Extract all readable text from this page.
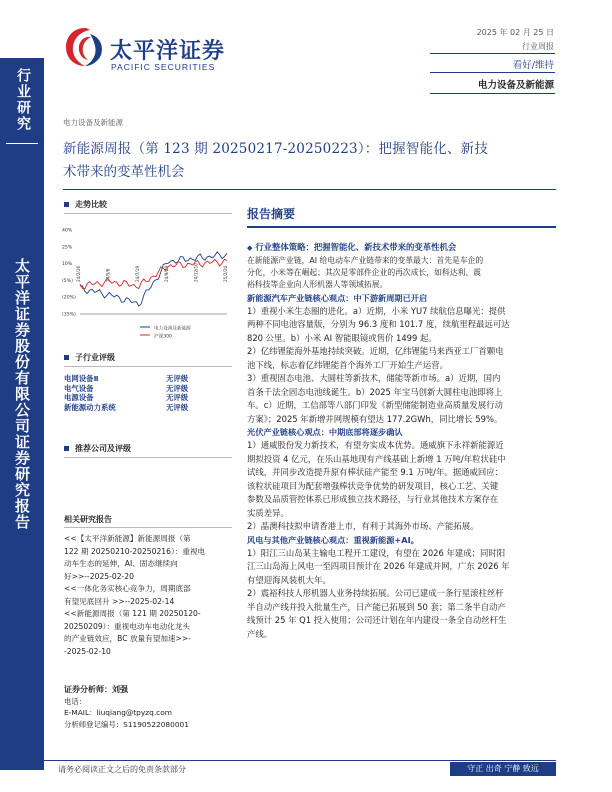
太平洋证券
PACIFIC SECURITIES
2025 年 02 月 25 日
行业周报
看好/维持
电力设备及新能源
行业研究
太平洋证券股份有限公司证券研究报告
电力设备及新能源
新能源周报（第 123 期 20250217-20250223）：把握智能化、新技
术带来的变革性机会
走势比较
40%
25%
10%
(5%)
(20%)
(35%)
24/2/26	24/5/8	24/7/19	24/9/29	24/12/10	25/2/20
电力设备及新能源
沪深300
子行业评级
电网设备Ⅱ	无评级
电气设备	无评级
电源设备	无评级
新能源动力系统	无评级
推荐公司及评级
相关研究报告
<<【太平洋新能源】新能源周报（第
122 期 20250210-20250216）：重视电
动车生态的延伸，AI、固态继续向
好>>--2025-02-20
<<一体化务实核心竞争力，周期底部
有望见底回升 >>--2025-02-14
<<新能源周报（第 121 期 20250120-
20250209）：重视电动车电动化龙头
的产业链效应，BC 放量有望加速>>-
-2025-02-10
证券分析师：刘强
电话：
E-MAIL：liuqiang@tpyzq.com
分析师登记编号：S1190522080001
报告摘要
◆ 行业整体策略：把握智能化、新技术带来的变革性机会
在新能源产业链，AI 给电动车产业链带来的变革最大：首先是车企的
分化，小米等在崛起；其次是零部件企业的再次成长，如科达利、震
裕科技等企业向人形机器人等领域拓展。
新能源汽车产业链核心观点：中下游新周期已开启
1）重视小米生态圈的进化。a）近期，小米 YU7 续航信息曝光：提供
两种不同电池容量版，分别为 96.3 度和 101.7 度，续航里程最远可达
820 公里。b）小米 AI 智能眼镜或售价 1499 起。
2）亿纬锂能海外基地持续突破。近期，亿纬锂能马来西亚工厂首颗电
池下线，标志着亿纬锂能首个海外工厂开始生产运营。
3）重视固态电池、大圆柱等新技术，储能等新市场。a）近期，国内
首条千法全固态电池线诞生。b）2025 年宝马创新大圆柱电池即将上
车。c）近期，工信部等八部门印发《新型储能制造业高质量发展行动
方案》；2025 年新增并网规模有望达 177.2GWh，同比增长 59%。
光伏产业链核心观点：中期底部将逐步确认
1）通威股份发力新技术，有望夯实成本优势。通威旗下永祥新能源近
期拟投资 4 亿元，在乐山基地现有产线基础上新增 1 万吨/年粒状硅中
试线，并同步改造提升原有棒状硅产能至 9.1 万吨/年。据通威回应：
该粒状硅项目为配套增强棒状竞争优势的研发项目，核心工艺、关键
参数及品质管控体系已形成独立技术路径，与行业其他技术方案存在
实质差异。
2）晶澳科技拟申请香港上市，有利于其海外市场、产能拓展。
风电与其他产业链核心观点：重视新能源+AI。
1）阳江三山岛某主输电工程开工建设，有望在 2026 年建成；同时阳
江三山岛海上风电一至四项目预计在 2026 年建成并网，广东 2026 年
有望迎海风装机大年。
2）震裕科技人形机器人业务持续拓展。公司已建成一条行星滚柱丝杆
半自动产线并投入批量生产，日产能已拓展到 50 套；第二条半自动产
线预计 25 年 Q1 投入使用；公司还计划在年内建设一条全自动丝杆生
产线。
请务必阅读正文之后的免责条款部分	守正 出奇 宁静 致远
